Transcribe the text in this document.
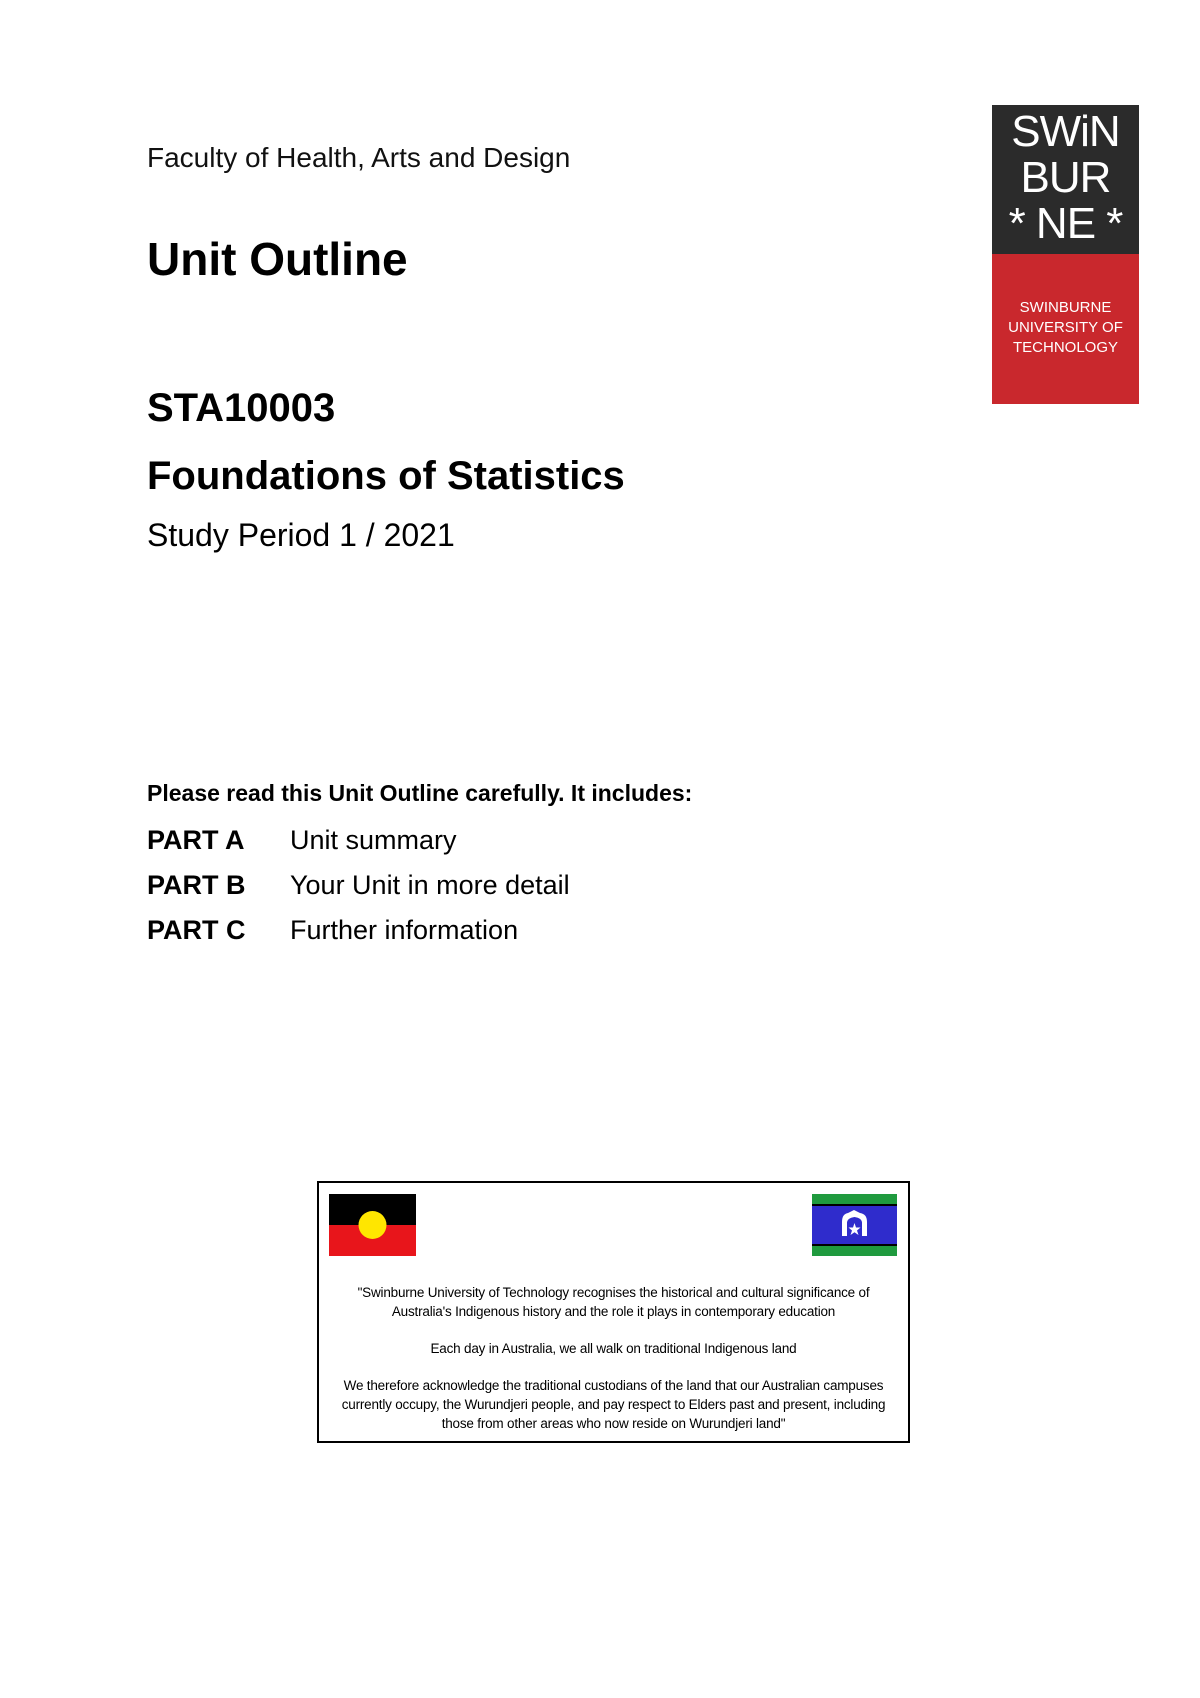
Faculty of Health, Arts and Design
Unit Outline
STA10003
Foundations of Statistics
Study Period 1 / 2021
SWiN
BUR
* NE *
SWINBURNE
UNIVERSITY OF
TECHNOLOGY
Please read this Unit Outline carefully. It includes:
PART A	Unit summary
PART B	Your Unit in more detail
PART C	Further information

"Swinburne University of Technology recognises the historical and cultural significance of Australia's Indigenous history and the role it plays in contemporary education

Each day in Australia, we all walk on traditional Indigenous land

We therefore acknowledge the traditional custodians of the land that our Australian campuses currently occupy, the Wurundjeri people, and pay respect to Elders past and present, including those from other areas who now reside on Wurundjeri land"
